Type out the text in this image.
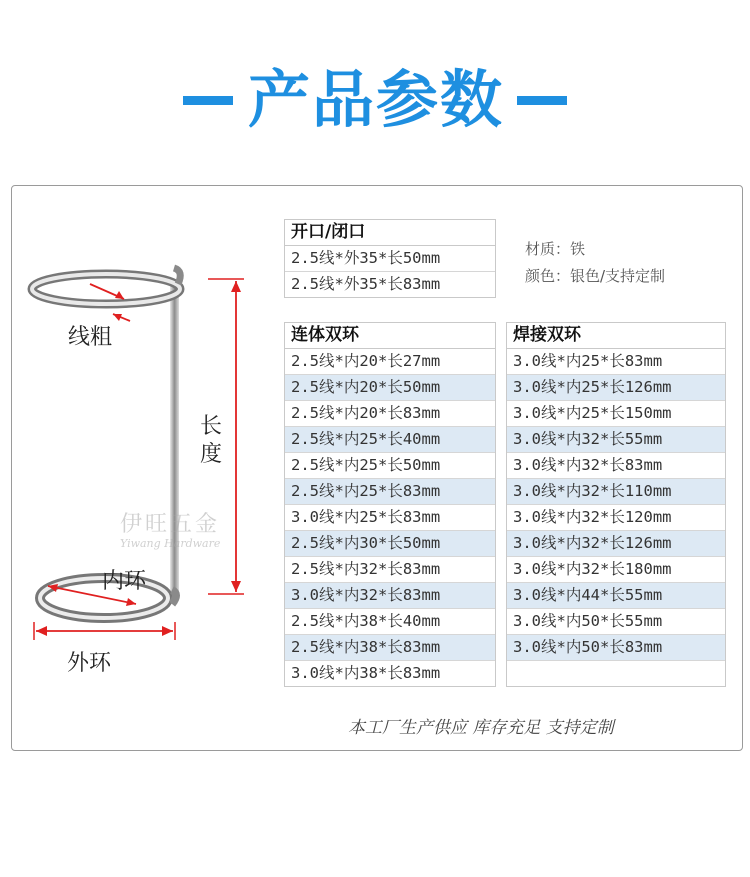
产品参数
线粗
长
度
内环
外环
伊旺五金
Yiwang Hardware
开口/闭口
2.5线*外35*长50mm
2.5线*外35*长83mm
材质：铁
颜色：银色/支持定制
连体双环
2.5线*内20*长27mm
2.5线*内20*长50mm
2.5线*内20*长83mm
2.5线*内25*长40mm
2.5线*内25*长50mm
2.5线*内25*长83mm
3.0线*内25*长83mm
2.5线*内30*长50mm
2.5线*内32*长83mm
3.0线*内32*长83mm
2.5线*内38*长40mm
2.5线*内38*长83mm
3.0线*内38*长83mm
焊接双环
3.0线*内25*长83mm
3.0线*内25*长126mm
3.0线*内25*长150mm
3.0线*内32*长55mm
3.0线*内32*长83mm
3.0线*内32*长110mm
3.0线*内32*长120mm
3.0线*内32*长126mm
3.0线*内32*长180mm
3.0线*内44*长55mm
3.0线*内50*长55mm
3.0线*内50*长83mm
本工厂生产供应 库存充足 支持定制
